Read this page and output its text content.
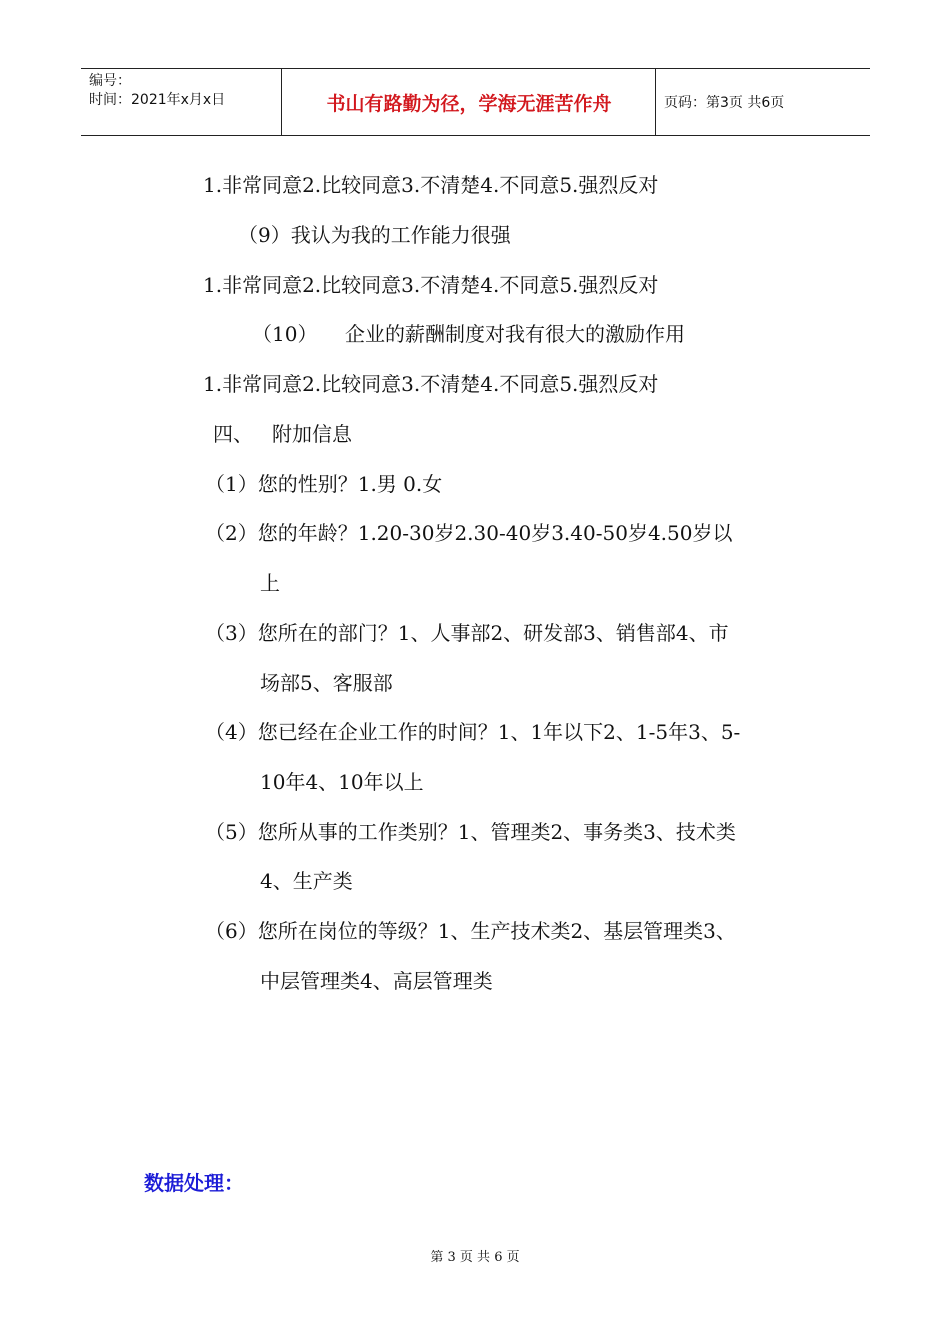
编号：
时间：2021年x月x日	书山有路勤为径，学海无涯苦作舟	页码：第3页 共6页
1.非常同意2.比较同意3.不清楚4.不同意5.强烈反对
（9）我认为我的工作能力很强
1.非常同意2.比较同意3.不清楚4.不同意5.强烈反对
（10） 企业的薪酬制度对我有很大的激励作用
1.非常同意2.比较同意3.不清楚4.不同意5.强烈反对
四、 附加信息
（1）您的性别？1.男 0.女
（2）您的年龄？1.20-30岁2.30-40岁3.40-50岁4.50岁以
上
（3）您所在的部门？1、人事部2、研发部3、销售部4、市
场部5、客服部
（4）您已经在企业工作的时间？1、1年以下2、1-5年3、5-
10年4、10年以上
（5）您所从事的工作类别？1、管理类2、事务类3、技术类
4、生产类
（6）您所在岗位的等级？1、生产技术类2、基层管理类3、
中层管理类4、高层管理类
数据处理：
第 3 页 共 6 页
